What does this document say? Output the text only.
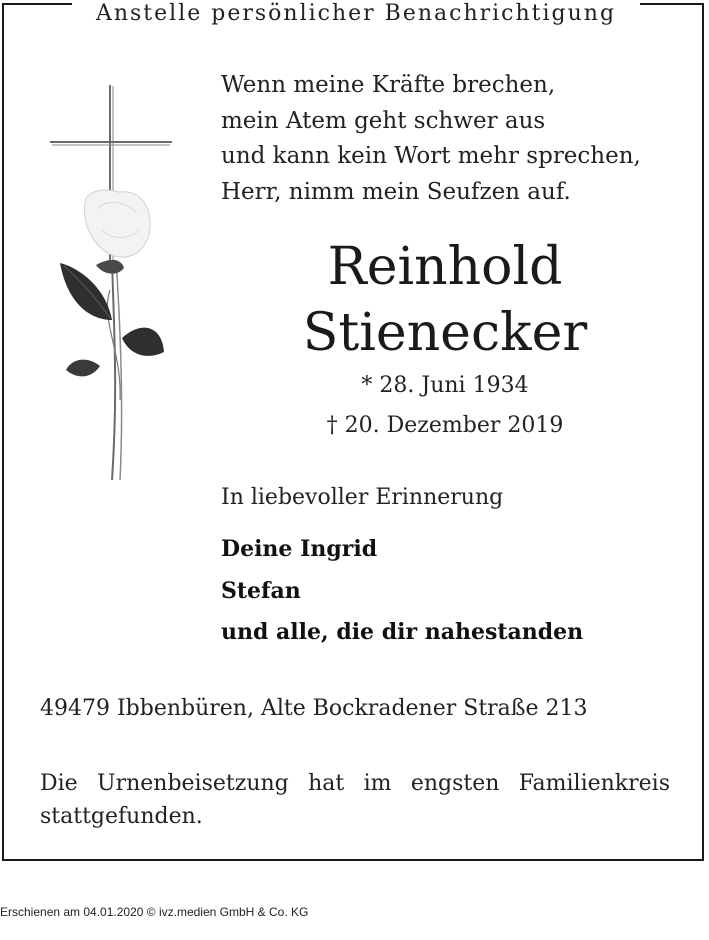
Anstelle persönlicher Benachrichtigung
Wenn meine Kräfte brechen,
mein Atem geht schwer aus
und kann kein Wort mehr sprechen,
Herr, nimm mein Seufzen auf.
Reinhold
Stienecker
* 28. Juni 1934
† 20. Dezember 2019
In liebevoller Erinnerung
Deine Ingrid
Stefan
und alle, die dir nahestanden
49479 Ibbenbüren, Alte Bockradener Straße 213
Die Urnenbeisetzung hat im engsten Familienkreis stattgefunden.
Erschienen am 04.01.2020 © ivz.medien GmbH & Co. KG
